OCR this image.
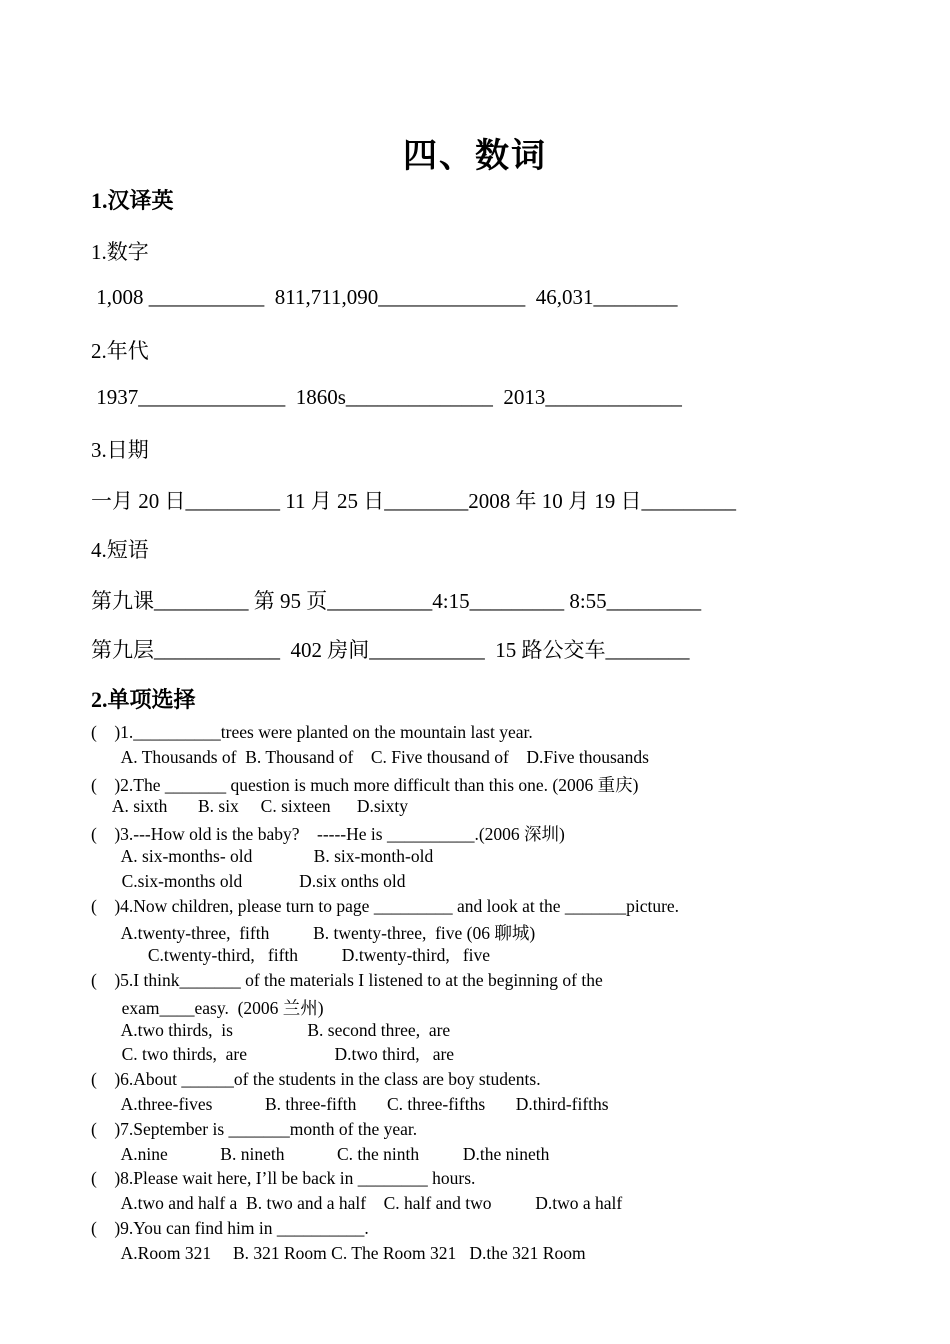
四、数词
1.汉译英
1.数字
1,008 ___________  811,711,090______________  46,031________
2.年代
1937______________  1860s______________  2013_____________
3.日期
一月 20 日_________ 11 月 25 日________2008 年 10 月 19 日_________
4.短语
第九课_________ 第 95 页__________4:15_________ 8:55_________
第九层____________  402 房间___________  15 路公交车________
2.单项选择
(    )1.__________trees were planted on the mountain last year.
A. Thousands of  B. Thousand of    C. Five thousand of    D.Five thousands
(    )2.The _______ question is much more difficult than this one. (2006 重庆)
A. sixth       B. six     C. sixteen      D.sixty
(    )3.---How old is the baby?    -----He is __________.(2006 深圳)
A. six-months- old              B. six-month-old
C.six-months old             D.six onths old
(    )4.Now children, please turn to page _________ and look at the _______picture.
A.twenty-three,  fifth          B. twenty-three,  five (06 聊城)
C.twenty-third,   fifth          D.twenty-third,   five
(    )5.I think_______ of the materials I listened to at the beginning of the
exam____easy.  (2006 兰州)
A.two thirds,  is                 B. second three,  are
C. two thirds,  are                    D.two third,   are
(    )6.About ______of the students in the class are boy students.
A.three-fives            B. three-fifth       C. three-fifths       D.third-fifths
(    )7.September is _______month of the year.
A.nine            B. nineth            C. the ninth          D.the nineth
(    )8.Please wait here, I’ll be back in ________ hours.
A.two and half a  B. two and a half    C. half and two          D.two a half
(    )9.You can find him in __________.
A.Room 321     B. 321 Room C. The Room 321   D.the 321 Room
